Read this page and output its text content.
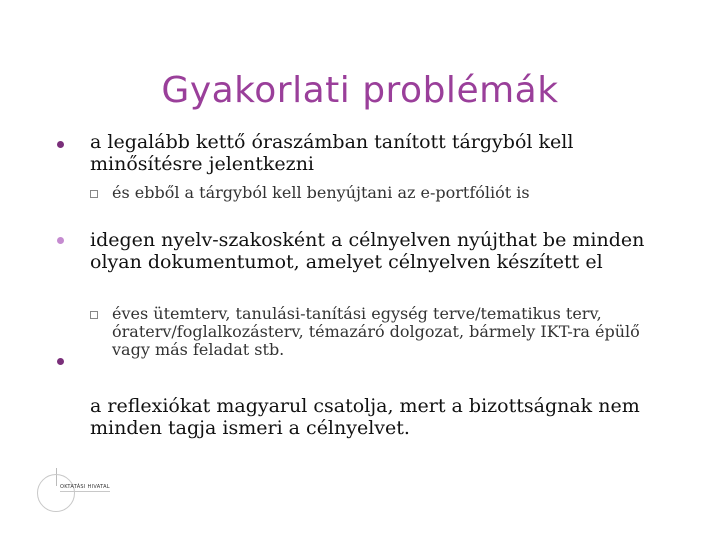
Gyakorlati problémák
a legalább kettő óraszámban tanított tárgyból kell minősítésre jelentkezni
és ebből a tárgyból kell benyújtani az e-portfóliót is
idegen nyelv-szakosként a célnyelven nyújthat be minden olyan dokumentumot, amelyet célnyelven készített el
éves ütemterv, tanulási-tanítási egység terve/tematikus terv, óraterv/foglalkozásterv, témazáró dolgozat, bármely IKT-ra épülő vagy más feladat stb.
a reflexiókat magyarul csatolja, mert a bizottságnak nem minden tagja ismeri a célnyelvet.
OKTATÁSI HIVATAL
